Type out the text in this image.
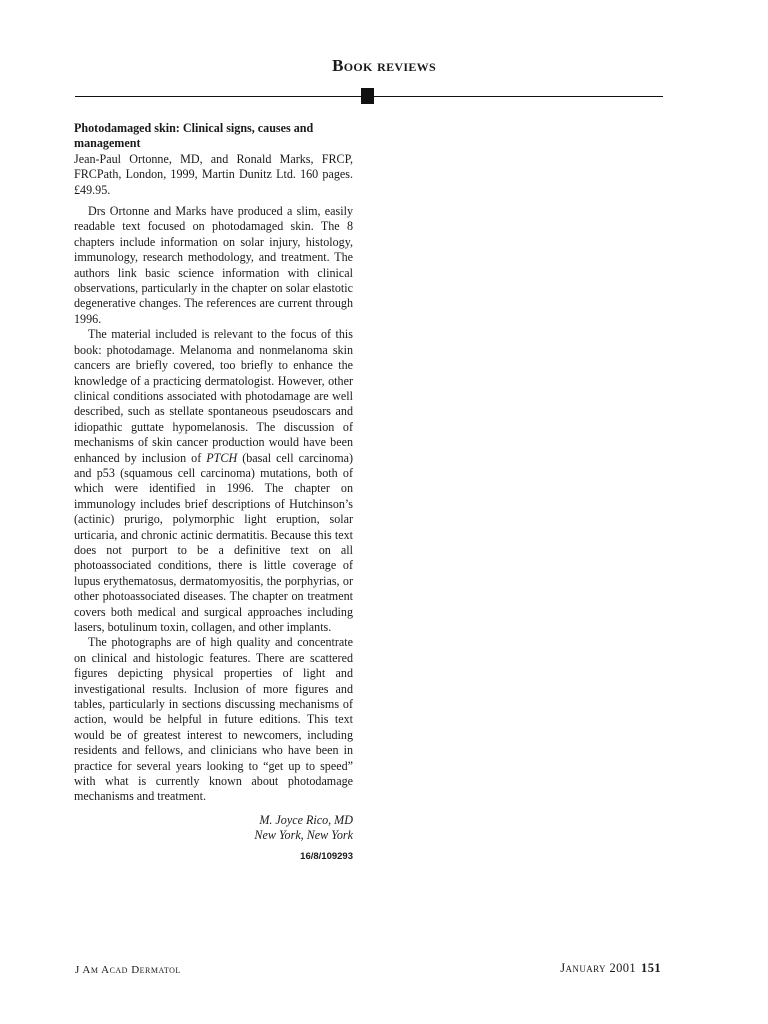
Book reviews

Photodamaged skin: Clinical signs, causes and management

Jean-Paul Ortonne, MD, and Ronald Marks, FRCP, FRCPath, London, 1999, Martin Dunitz Ltd. 160 pages. £49.95.

Drs Ortonne and Marks have produced a slim, easily readable text focused on photodamaged skin. The 8 chapters include information on solar injury, histology, immunology, research methodology, and treatment. The authors link basic science information with clinical observations, particularly in the chapter on solar elastotic degenerative changes. The references are current through 1996.

The material included is relevant to the focus of this book: photodamage. Melanoma and nonmelanoma skin cancers are briefly covered, too briefly to enhance the knowledge of a practicing dermatologist. However, other clinical conditions associated with photodamage are well described, such as stellate spontaneous pseudoscars and idiopathic guttate hypomelanosis. The discussion of mechanisms of skin cancer production would have been enhanced by inclusion of PTCH (basal cell carcinoma) and p53 (squamous cell carcinoma) mutations, both of which were identified in 1996. The chapter on immunology includes brief descriptions of Hutchinson’s (actinic) prurigo, polymorphic light eruption, solar urticaria, and chronic actinic dermatitis. Because this text does not purport to be a definitive text on all photoassociated conditions, there is little coverage of lupus erythematosus, dermatomyositis, the porphyrias, or other photoassociated diseases. The chapter on treatment covers both medical and surgical approaches including lasers, botulinum toxin, collagen, and other implants.

The photographs are of high quality and concentrate on clinical and histologic features. There are scattered figures depicting physical properties of light and investigational results. Inclusion of more figures and tables, particularly in sections discussing mechanisms of action, would be helpful in future editions. This text would be of greatest interest to newcomers, including residents and fellows, and clinicians who have been in practice for several years looking to “get up to speed” with what is currently known about photodamage mechanisms and treatment.

M. Joyce Rico, MD
New York, New York
16/8/109293
J Am Acad Dermatol	January 2001 151
